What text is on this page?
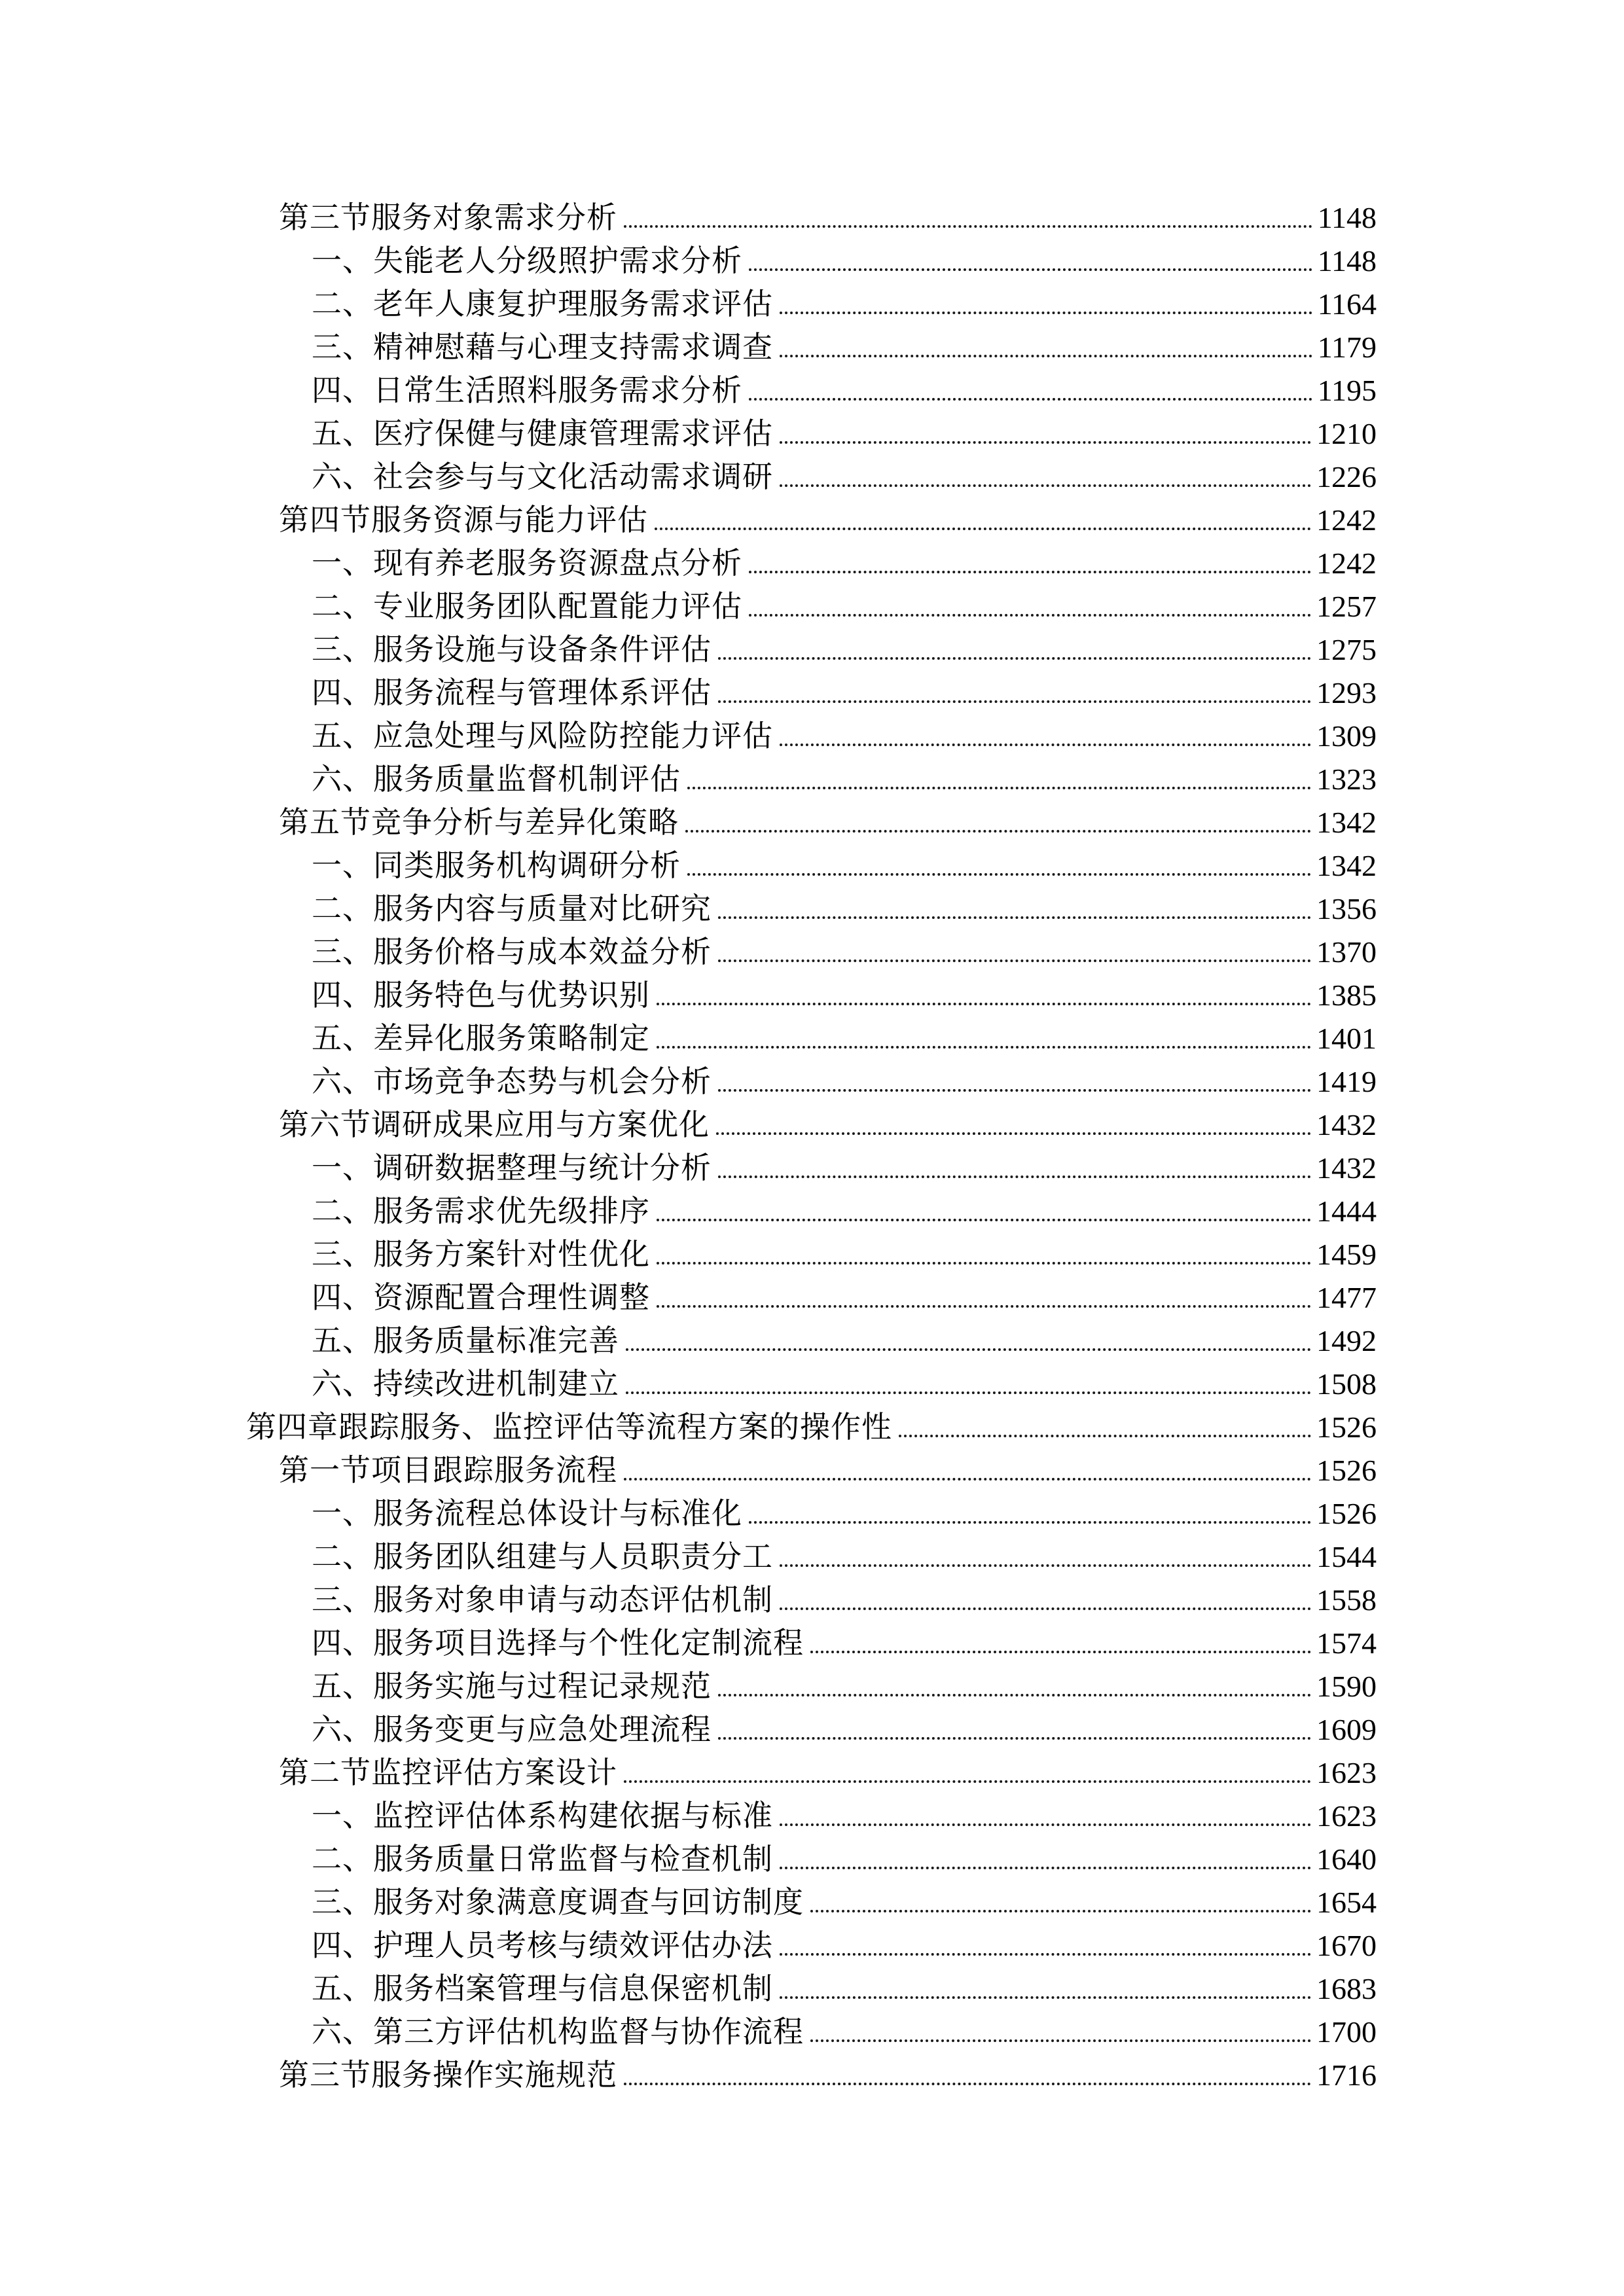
第三节服务对象需求分析	1148
一、失能老人分级照护需求分析	1148
二、老年人康复护理服务需求评估	1164
三、精神慰藉与心理支持需求调查	1179
四、日常生活照料服务需求分析	1195
五、医疗保健与健康管理需求评估	1210
六、社会参与与文化活动需求调研	1226
第四节服务资源与能力评估	1242
一、现有养老服务资源盘点分析	1242
二、专业服务团队配置能力评估	1257
三、服务设施与设备条件评估	1275
四、服务流程与管理体系评估	1293
五、应急处理与风险防控能力评估	1309
六、服务质量监督机制评估	1323
第五节竞争分析与差异化策略	1342
一、同类服务机构调研分析	1342
二、服务内容与质量对比研究	1356
三、服务价格与成本效益分析	1370
四、服务特色与优势识别	1385
五、差异化服务策略制定	1401
六、市场竞争态势与机会分析	1419
第六节调研成果应用与方案优化	1432
一、调研数据整理与统计分析	1432
二、服务需求优先级排序	1444
三、服务方案针对性优化	1459
四、资源配置合理性调整	1477
五、服务质量标准完善	1492
六、持续改进机制建立	1508
第四章跟踪服务、监控评估等流程方案的操作性	1526
第一节项目跟踪服务流程	1526
一、服务流程总体设计与标准化	1526
二、服务团队组建与人员职责分工	1544
三、服务对象申请与动态评估机制	1558
四、服务项目选择与个性化定制流程	1574
五、服务实施与过程记录规范	1590
六、服务变更与应急处理流程	1609
第二节监控评估方案设计	1623
一、监控评估体系构建依据与标准	1623
二、服务质量日常监督与检查机制	1640
三、服务对象满意度调查与回访制度	1654
四、护理人员考核与绩效评估办法	1670
五、服务档案管理与信息保密机制	1683
六、第三方评估机构监督与协作流程	1700
第三节服务操作实施规范	1716
